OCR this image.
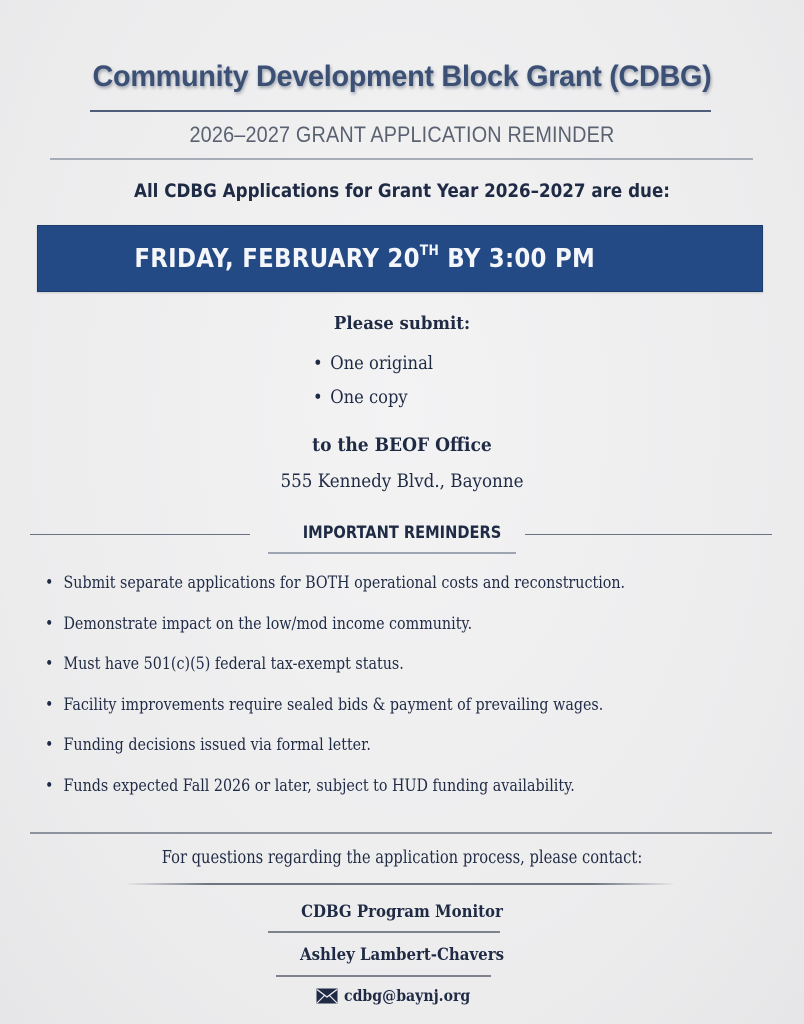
Community Development Block Grant (CDBG)
2026–2027 GRANT APPLICATION REMINDER
All CDBG Applications for Grant Year 2026–2027 are due:
FRIDAY, FEBRUARY 20TH BY 3:00 PM
Please submit:
• One original
• One copy
to the BEOF Office
555 Kennedy Blvd., Bayonne
IMPORTANT REMINDERS
• Submit separate applications for BOTH operational costs and reconstruction.
• Demonstrate impact on the low/mod income community.
• Must have 501(c)(5) federal tax-exempt status.
• Facility improvements require sealed bids & payment of prevailing wages.
• Funding decisions issued via formal letter.
• Funds expected Fall 2026 or later, subject to HUD funding availability.
For questions regarding the application process, please contact:
CDBG Program Monitor
Ashley Lambert-Chavers
cdbg@baynj.org
